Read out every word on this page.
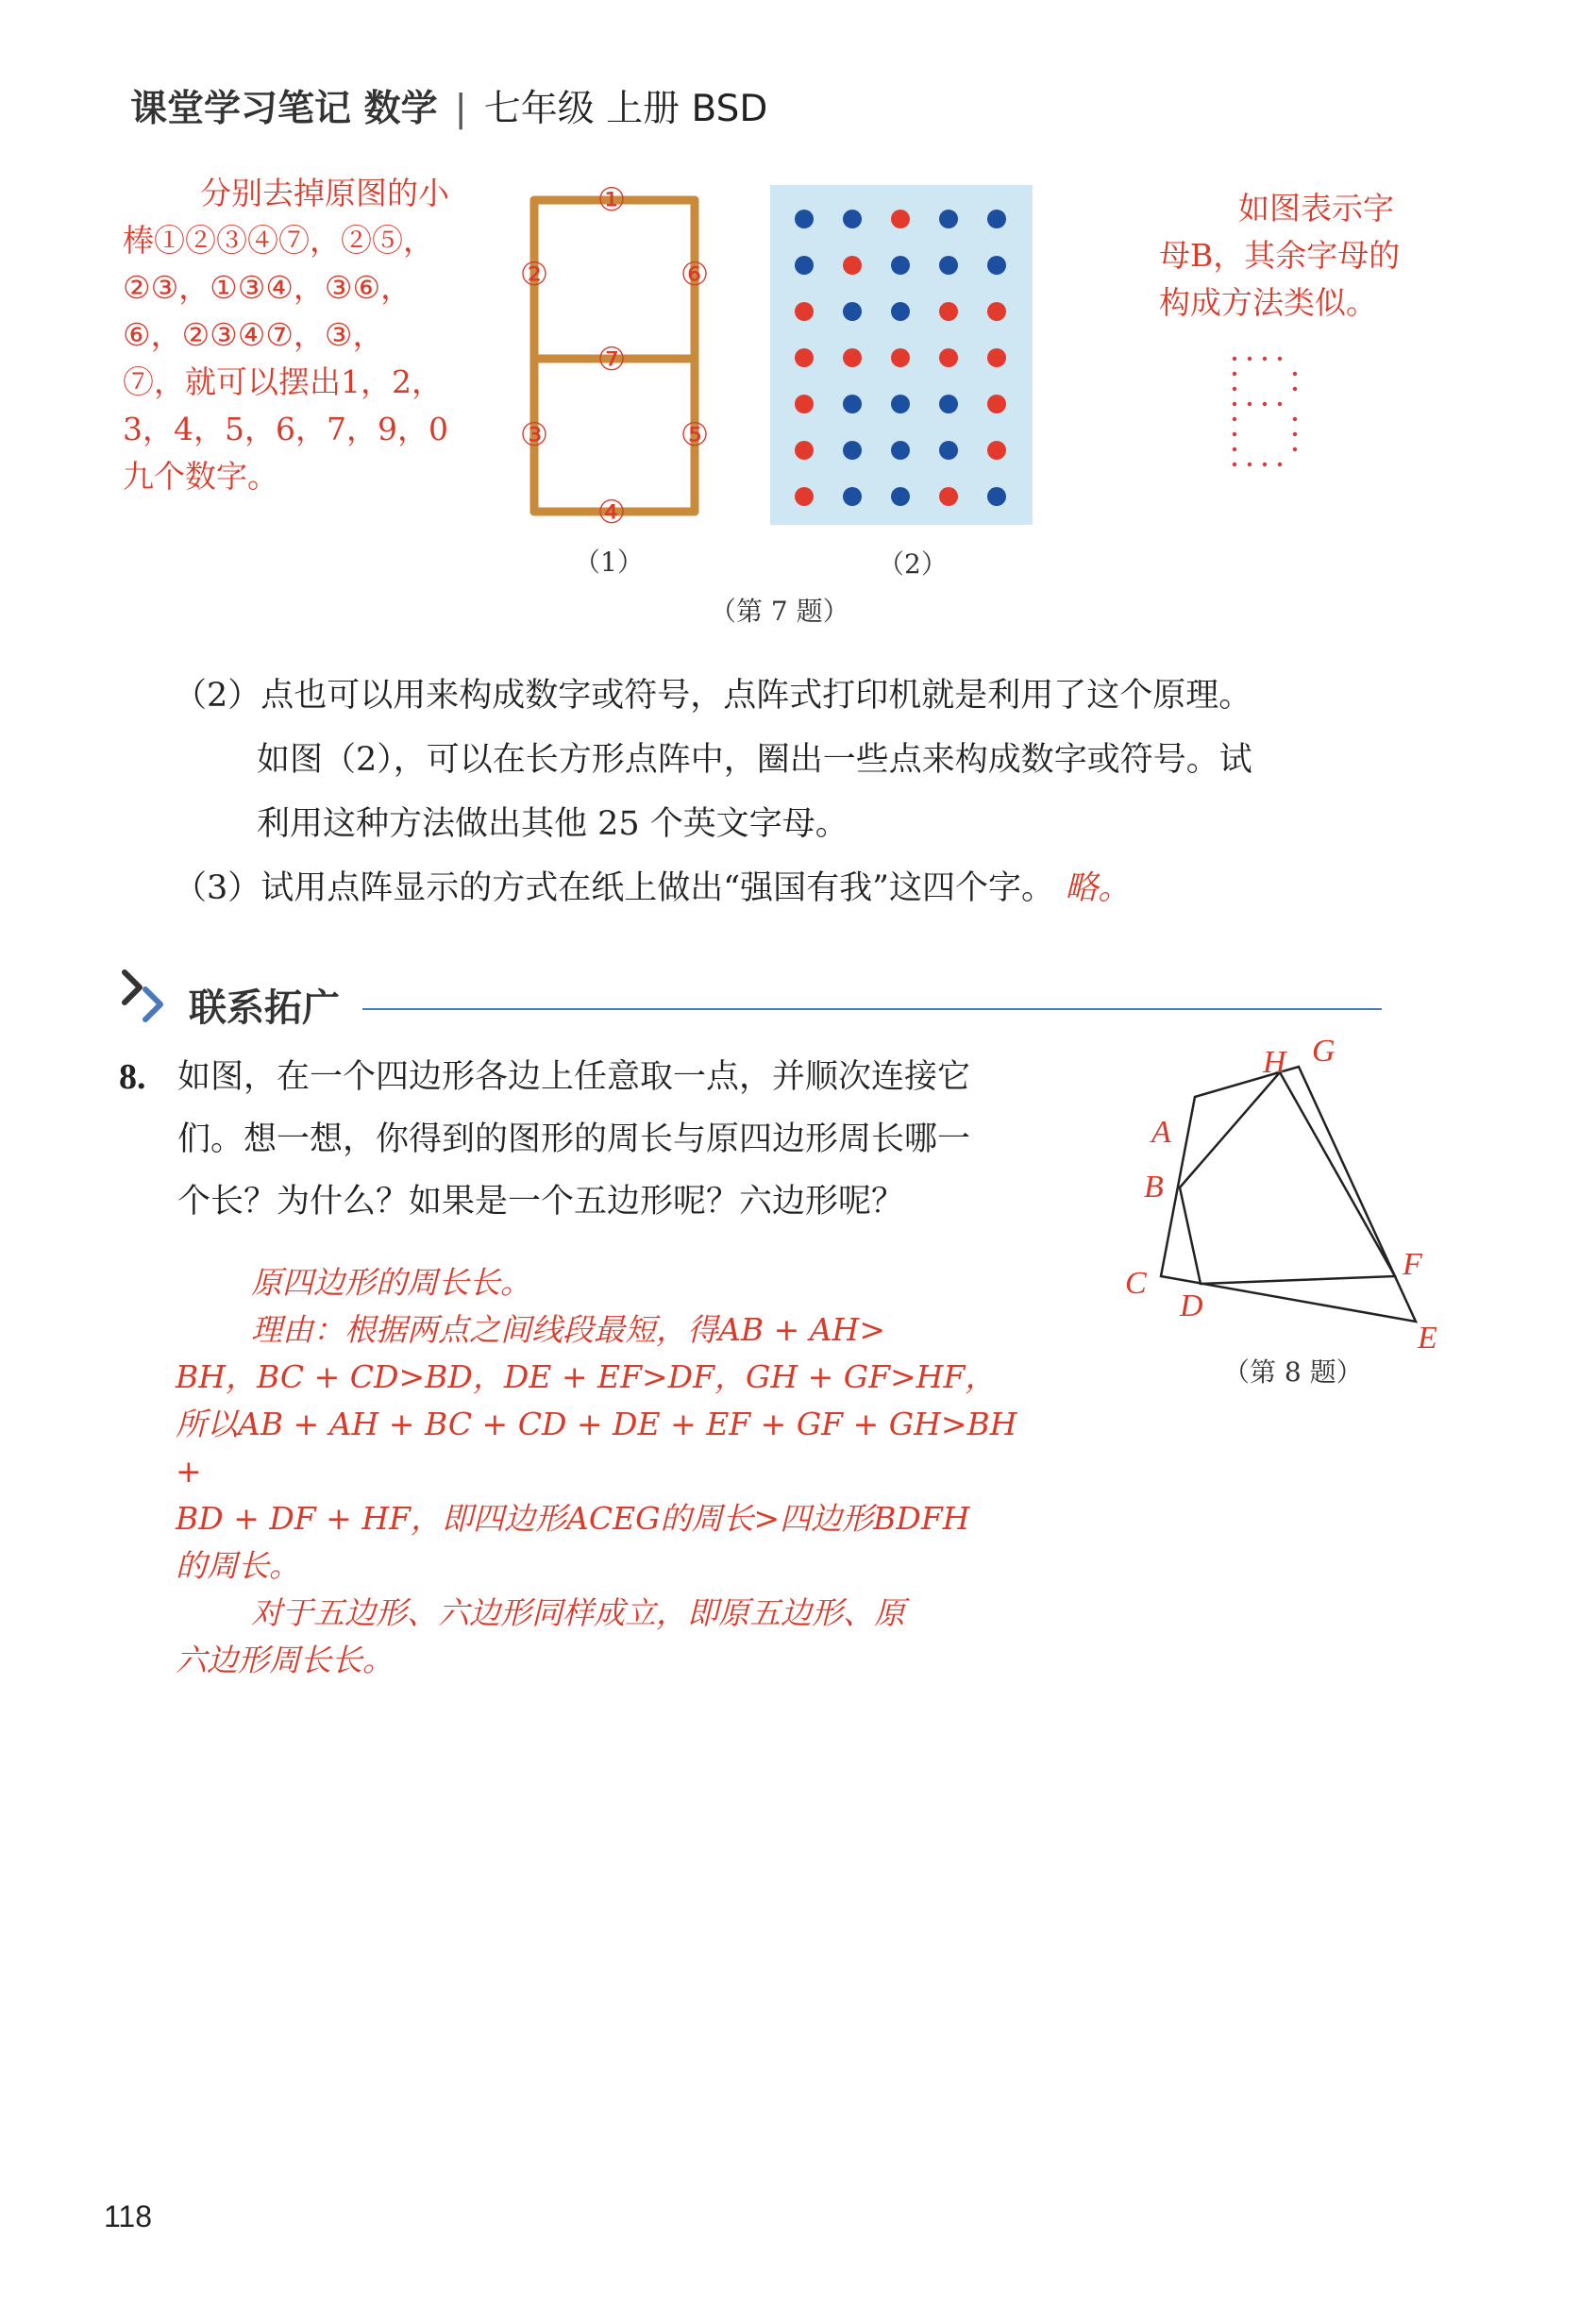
课堂学习笔记 数学 | 七年级 上册 BSD
分别去掉原图的小
棒①②③④⑦，②⑤，
②③，①③④，③⑥，
⑥，②③④⑦，③，
⑦，就可以摆出1，2，
3，4，5，6，7，9，0
九个数字。
①
②	⑥
⑦
③	⑤
④
（1）	（2）
（第 7 题）
如图表示字
母B，其余字母的
构成方法类似。
（2）点也可以用来构成数字或符号，点阵式打印机就是利用了这个原理。
如图（2），可以在长方形点阵中，圈出一些点来构成数字或符号。试
利用这种方法做出其他 25 个英文字母。
（3）试用点阵显示的方式在纸上做出“强国有我”这四个字。 略。
联系拓广
8. 如图，在一个四边形各边上任意取一点，并顺次连接它
们。想一想，你得到的图形的周长与原四边形周长哪一
个长？为什么？如果是一个五边形呢？六边形呢？
原四边形的周长长。
理由：根据两点之间线段最短，得AB + AH>
BH，BC + CD>BD，DE + EF>DF，GH + GF>HF，
所以AB + AH + BC + CD + DE + EF + GF + GH>BH +
BD + DF + HF，即四边形ACEG的周长>四边形BDFH
的周长。
对于五边形、六边形同样成立，即原五边形、原
六边形周长长。
H G
A
B
C
D
E
F
（第 8 题）
118
